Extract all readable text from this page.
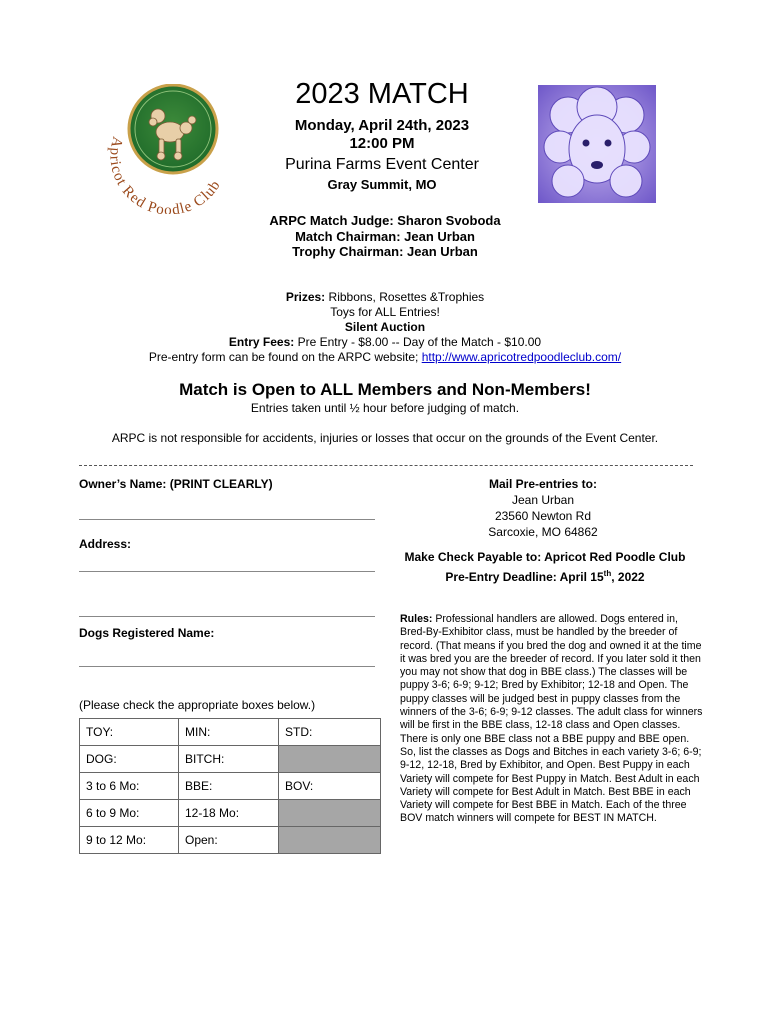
Apricot Red Poodle Club
2023 MATCH
Monday, April 24th, 2023
12:00 PM
Purina Farms Event Center
Gray Summit, MO
ARPC Match Judge: Sharon Svoboda
Match Chairman: Jean Urban
Trophy Chairman: Jean Urban
Prizes: Ribbons, Rosettes &Trophies
Toys for ALL Entries!
Silent Auction
Entry Fees: Pre Entry - $8.00 -- Day of the Match - $10.00
Pre-entry form can be found on the ARPC website; http://www.apricotredpoodleclub.com/
Match is Open to ALL Members and Non-Members!
Entries taken until ½ hour before judging of match.
ARPC is not responsible for accidents, injuries or losses that occur on the grounds of the Event Center.
Owner’s Name: (PRINT CLEARLY)
Address:
Dogs Registered Name:
(Please check the appropriate boxes below.)
TOY:	MIN:	STD:
DOG:	BITCH:	
3 to 6 Mo:	BBE:	BOV:
6 to 9 Mo:	12-18 Mo:	
9 to 12 Mo:	Open:	
Mail Pre-entries to:
Jean Urban
23560 Newton Rd
Sarcoxie, MO 64862
Make Check Payable to: Apricot Red Poodle Club
Pre-Entry Deadline: April 15th, 2022
Rules: Professional handlers are allowed. Dogs entered in, Bred-By-Exhibitor class, must be handled by the breeder of record. (That means if you bred the dog and owned it at the time it was bred you are the breeder of record. If you later sold it then you may not show that dog in BBE class.) The classes will be puppy 3-6; 6-9; 9-12; Bred by Exhibitor; 12-18 and Open. The puppy classes will be judged best in puppy classes from the winners of the 3-6; 6-9; 9-12 classes. The adult class for winners will be first in the BBE class, 12-18 class and Open classes. There is only one BBE class not a BBE puppy and BBE open. So, list the classes as Dogs and Bitches in each variety 3-6; 6-9; 9-12, 12-18, Bred by Exhibitor, and Open. Best Puppy in each Variety will compete for Best Puppy in Match. Best Adult in each Variety will compete for Best Adult in Match. Best BBE in each Variety will compete for Best BBE in Match. Each of the three BOV match winners will compete for BEST IN MATCH.
